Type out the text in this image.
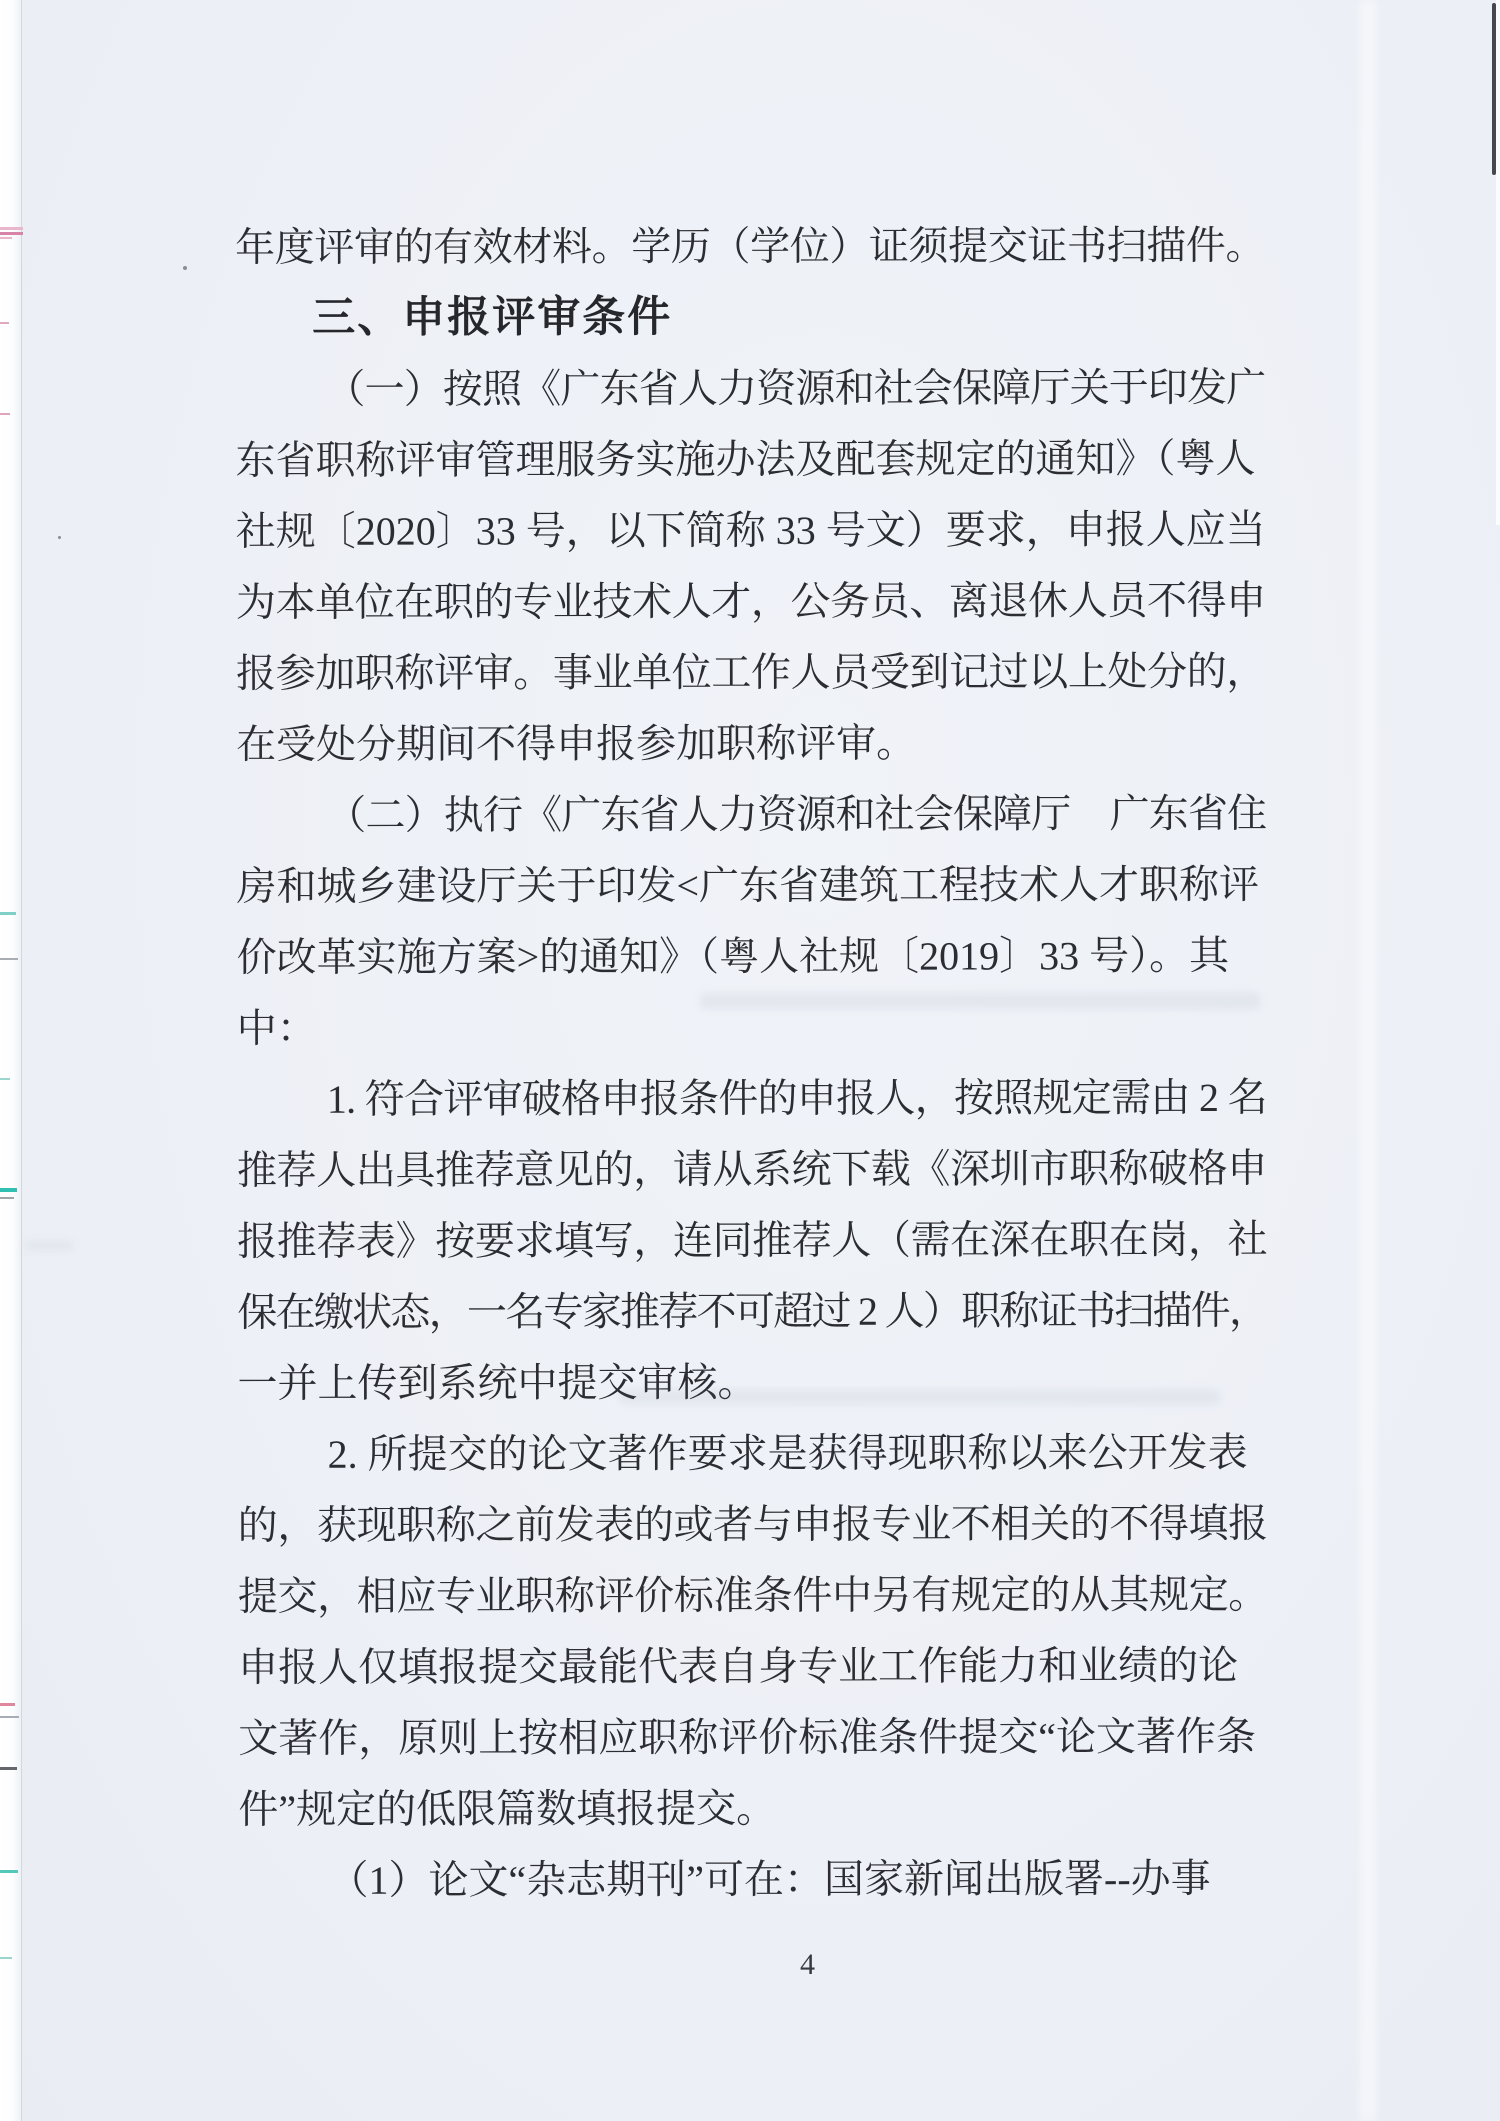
年度评审的有效材料。学历（学位）证须提交证书扫描件。
三、申报评审条件
（一）按照《广东省人力资源和社会保障厅关于印发广
东省职称评审管理服务实施办法及配套规定的通知》（粤人
社规〔2020〕33 号，以下简称 33 号文）要求，申报人应当
为本单位在职的专业技术人才，公务员、离退休人员不得申
报参加职称评审。事业单位工作人员受到记过以上处分的，
在受处分期间不得申报参加职称评审。
（二）执行《广东省人力资源和社会保障厅　广东省住
房和城乡建设厅关于印发<广东省建筑工程技术人才职称评
价改革实施方案>的通知》（粤人社规〔2019〕33 号）。其
中：
1. 符合评审破格申报条件的申报人，按照规定需由 2 名
推荐人出具推荐意见的，请从系统下载《深圳市职称破格申
报推荐表》按要求填写，连同推荐人（需在深在职在岗，社
保在缴状态，一名专家推荐不可超过 2 人）职称证书扫描件，
一并上传到系统中提交审核。
2. 所提交的论文著作要求是获得现职称以来公开发表
的，获现职称之前发表的或者与申报专业不相关的不得填报
提交，相应专业职称评价标准条件中另有规定的从其规定。
申报人仅填报提交最能代表自身专业工作能力和业绩的论
文著作，原则上按相应职称评价标准条件提交“论文著作条
件”规定的低限篇数填报提交。
（1）论文“杂志期刊”可在：国家新闻出版署--办事
4
